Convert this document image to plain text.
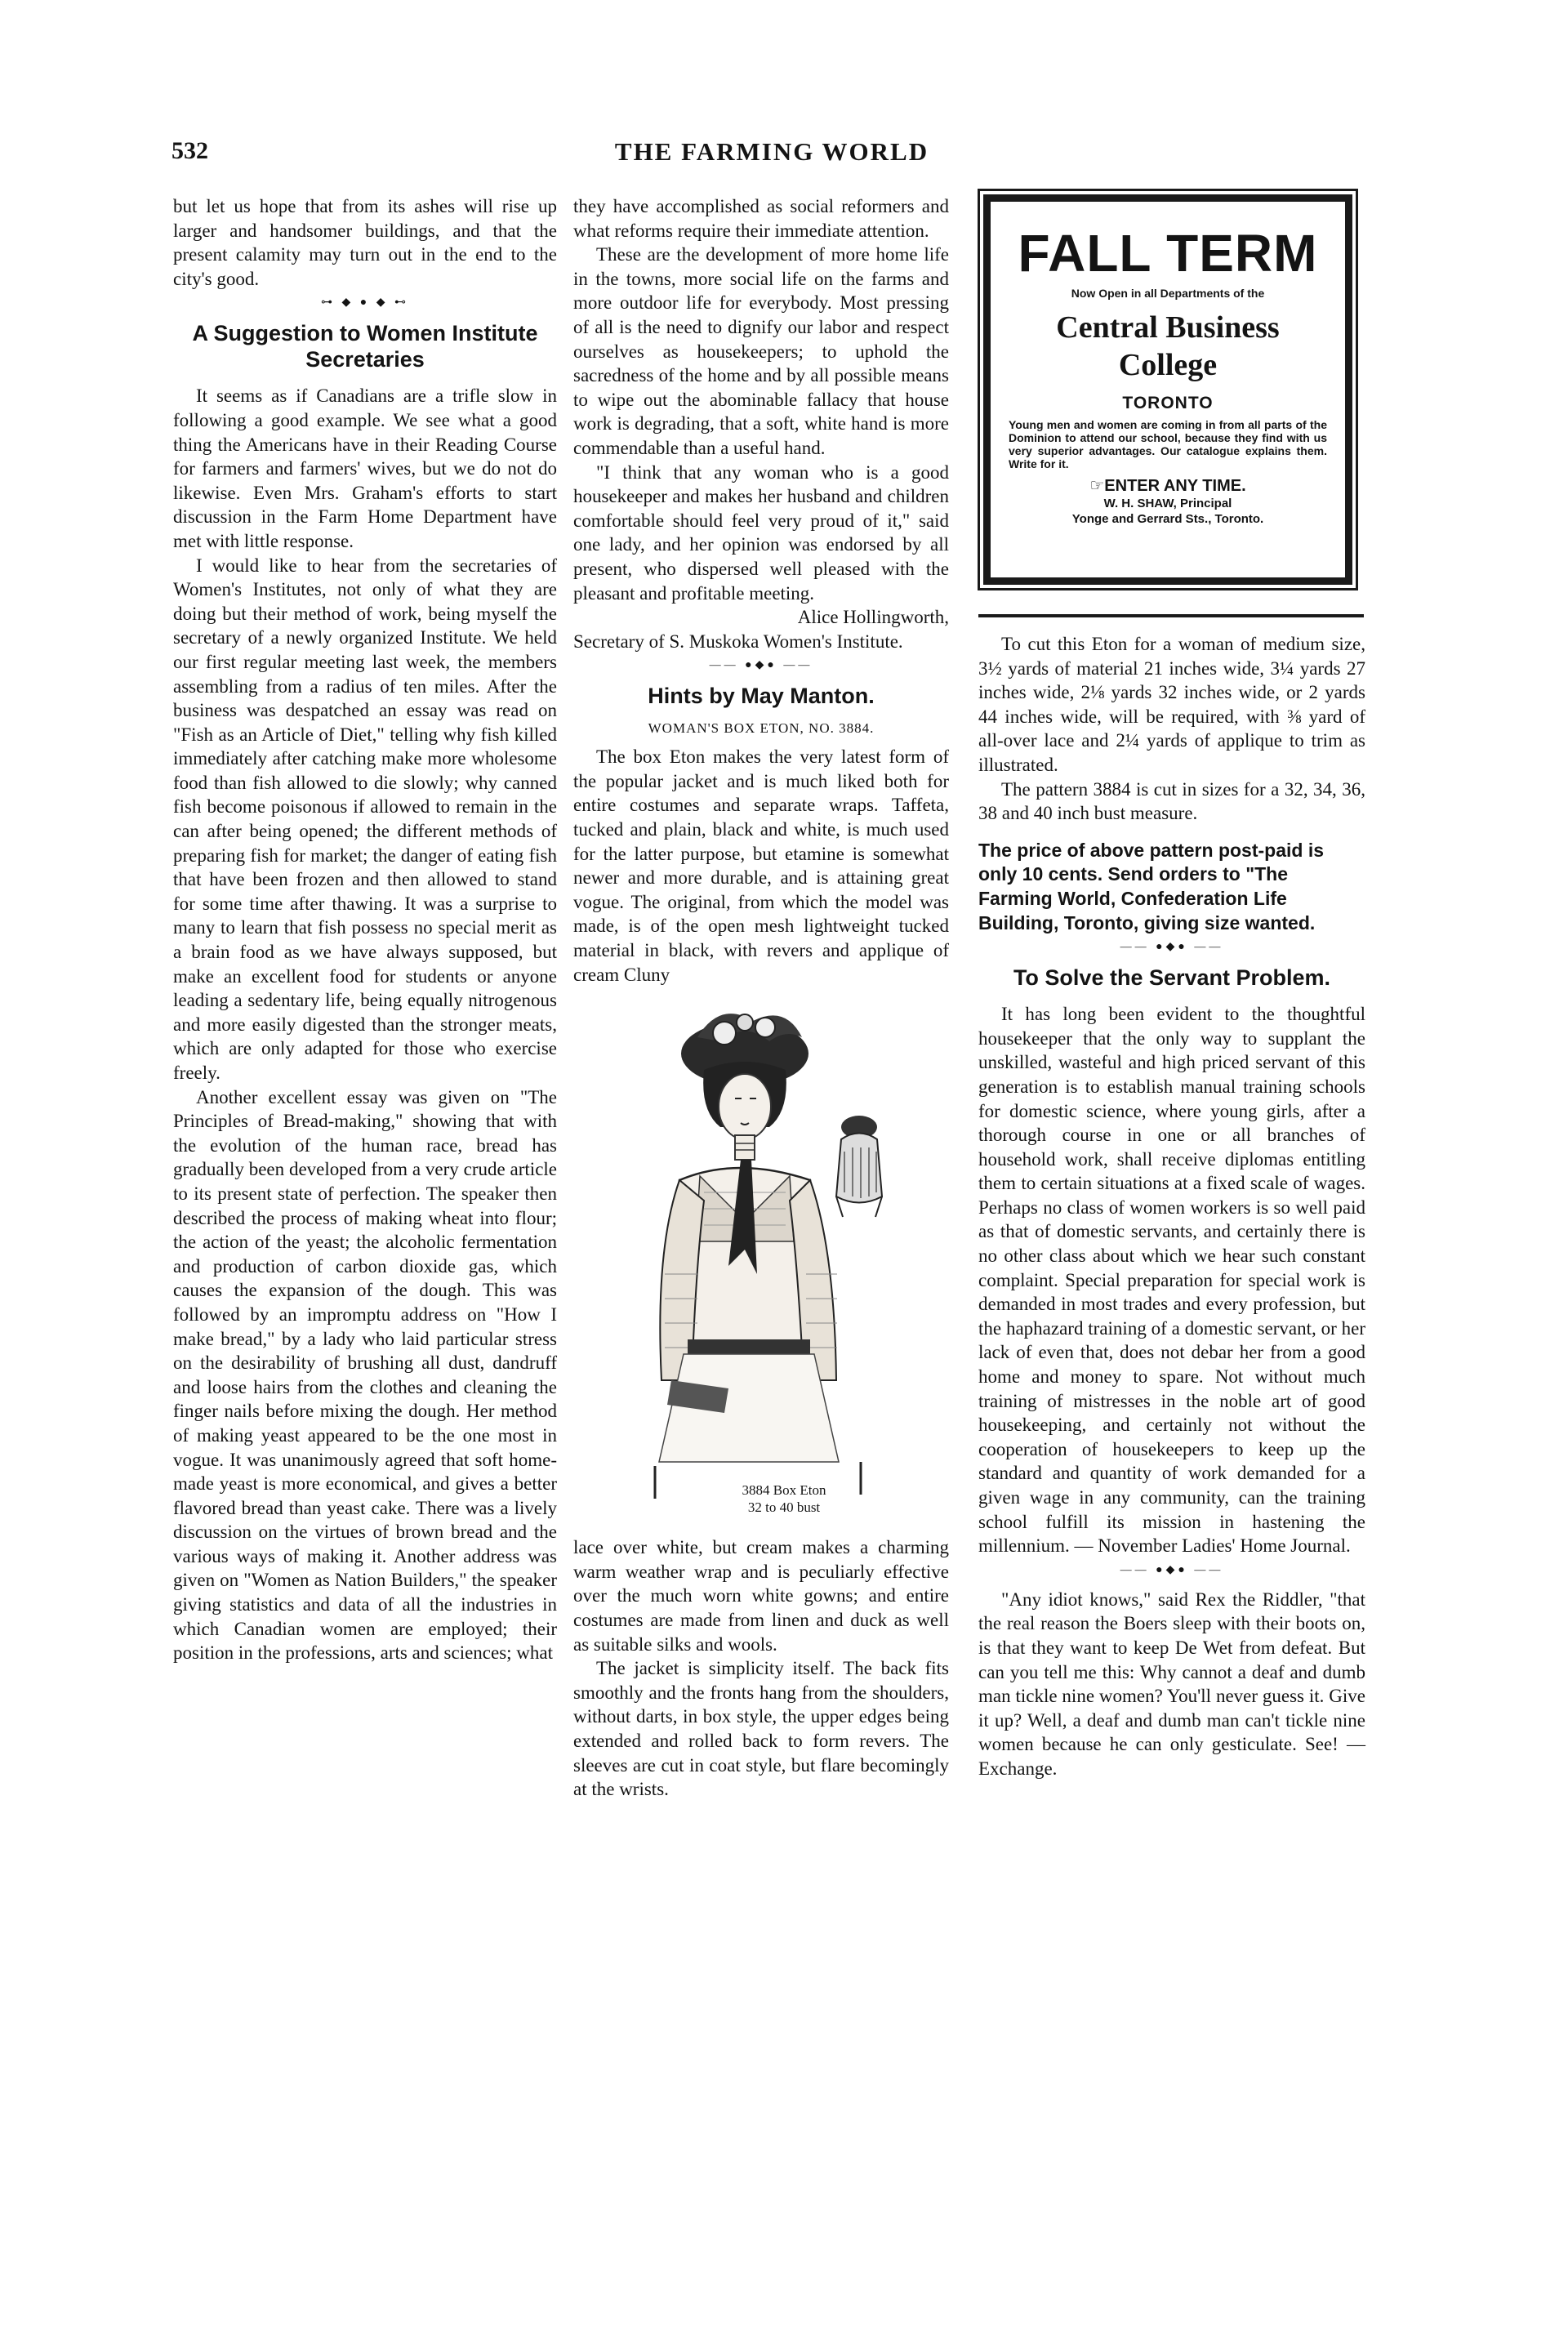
532	THE FARMING WORLD

but let us hope that from its ashes will rise up larger and handsomer buildings, and that the present calamity may turn out in the end to the city's good.

⊶ ◆ ● ◆ ⊷
A Suggestion to Women Institute Secretaries

It seems as if Canadians are a trifle slow in following a good example. We see what a good thing the Americans have in their Reading Course for farmers and farmers' wives, but we do not do likewise. Even Mrs. Graham's efforts to start discussion in the Farm Home Department have met with little response.

I would like to hear from the secretaries of Women's Institutes, not only of what they are doing but their method of work, being myself the secretary of a newly organized Institute. We held our first regular meeting last week, the members assembling from a radius of ten miles. After the business was despatched an essay was read on "Fish as an Article of Diet," telling why fish killed immediately after catching make more wholesome food than fish allowed to die slowly; why canned fish become poisonous if allowed to remain in the can after being opened; the different methods of preparing fish for market; the danger of eating fish that have been frozen and then allowed to stand for some time after thawing. It was a surprise to many to learn that fish possess no special merit as a brain food as we have always supposed, but make an excellent food for students or anyone leading a sedentary life, being equally nitrogenous and more easily digested than the stronger meats, which are only adapted for those who exercise freely.

Another excellent essay was given on "The Principles of Bread-making," showing that with the evolution of the human race, bread has gradually been developed from a very crude article to its present state of perfection. The speaker then described the process of making wheat into flour; the action of the yeast; the alcoholic fermentation and production of carbon dioxide gas, which causes the expansion of the dough. This was followed by an impromptu address on "How I make bread," by a lady who laid particular stress on the desirability of brushing all dust, dandruff and loose hairs from the clothes and cleaning the finger nails before mixing the dough. Her method of making yeast appeared to be the one most in vogue. It was unanimously agreed that soft home-made yeast is more economical, and gives a better flavored bread than yeast cake. There was a lively discussion on the virtues of brown bread and the various ways of making it. Another address was given on "Women as Nation Builders," the speaker giving statistics and data of all the industries in which Canadian women are employed; their position in the professions, arts and sciences; what

they have accomplished as social reformers and what reforms require their immediate attention.

These are the development of more home life in the towns, more social life on the farms and more outdoor life for everybody. Most pressing of all is the need to dignify our labor and respect ourselves as housekeepers; to uphold the sacredness of the home and by all possible means to wipe out the abominable fallacy that house work is degrading, that a soft, white hand is more commendable than a useful hand.

"I think that any woman who is a good housekeeper and makes her husband and children comfortable should feel very proud of it," said one lady, and her opinion was endorsed by all present, who dispersed well pleased with the pleasant and profitable meeting.

Alice Hollingworth,

Secretary of S. Muskoka Women's Institute.

—— ●◆● ——
Hints by May Manton.
WOMAN'S BOX ETON, NO. 3884.

The box Eton makes the very latest form of the popular jacket and is much liked both for entire costumes and separate wraps. Taffeta, tucked and plain, black and white, is much used for the latter purpose, but etamine is somewhat newer and more durable, and is attaining great vogue. The original, from which the model was made, is of the open mesh lightweight tucked material in black, with revers and applique of cream Cluny

3884 Box Eton
32 to 40 bust

lace over white, but cream makes a charming warm weather wrap and is peculiarly effective over the much worn white gowns; and entire costumes are made from linen and duck as well as suitable silks and wools.

The jacket is simplicity itself. The back fits smoothly and the fronts hang from the shoulders, without darts, in box style, the upper edges being extended and rolled back to form revers. The sleeves are cut in coat style, but flare becomingly at the wrists.

FALL TERM
Now Open in all Departments of the
Central Business College
TORONTO
Young men and women are coming in from all parts of the Dominion to attend our school, because they find with us very superior advantages. Our catalogue explains them. Write for it.
☞ENTER ANY TIME.
W. H. SHAW, Principal
Yonge and Gerrard Sts., Toronto.

To cut this Eton for a woman of medium size, 3½ yards of material 21 inches wide, 3¼ yards 27 inches wide, 2⅛ yards 32 inches wide, or 2 yards 44 inches wide, will be required, with ⅜ yard of all-over lace and 2¼ yards of applique to trim as illustrated.

The pattern 3884 is cut in sizes for a 32, 34, 36, 38 and 40 inch bust measure.

The price of above pattern post-paid is only 10 cents. Send orders to "The Farming World, Confederation Life Building, Toronto, giving size wanted.

—— ●◆● ——
To Solve the Servant Problem.

It has long been evident to the thoughtful housekeeper that the only way to supplant the unskilled, wasteful and high priced servant of this generation is to establish manual training schools for domestic science, where young girls, after a thorough course in one or all branches of household work, shall receive diplomas entitling them to certain situations at a fixed scale of wages. Perhaps no class of women workers is so well paid as that of domestic servants, and certainly there is no other class about which we hear such constant complaint. Special preparation for special work is demanded in most trades and every profession, but the haphazard training of a domestic servant, or her lack of even that, does not debar her from a good home and money to spare. Not without much training of mistresses in the noble art of good housekeeping, and certainly not without the cooperation of housekeepers to keep up the standard and quantity of work demanded for a given wage in any community, can the training school fulfill its mission in hastening the millennium. — November Ladies' Home Journal.

—— ●◆● ——

"Any idiot knows," said Rex the Riddler, "that the real reason the Boers sleep with their boots on, is that they want to keep De Wet from defeat. But can you tell me this: Why cannot a deaf and dumb man tickle nine women? You'll never guess it. Give it up? Well, a deaf and dumb man can't tickle nine women because he can only gesticulate. See! — Exchange.
